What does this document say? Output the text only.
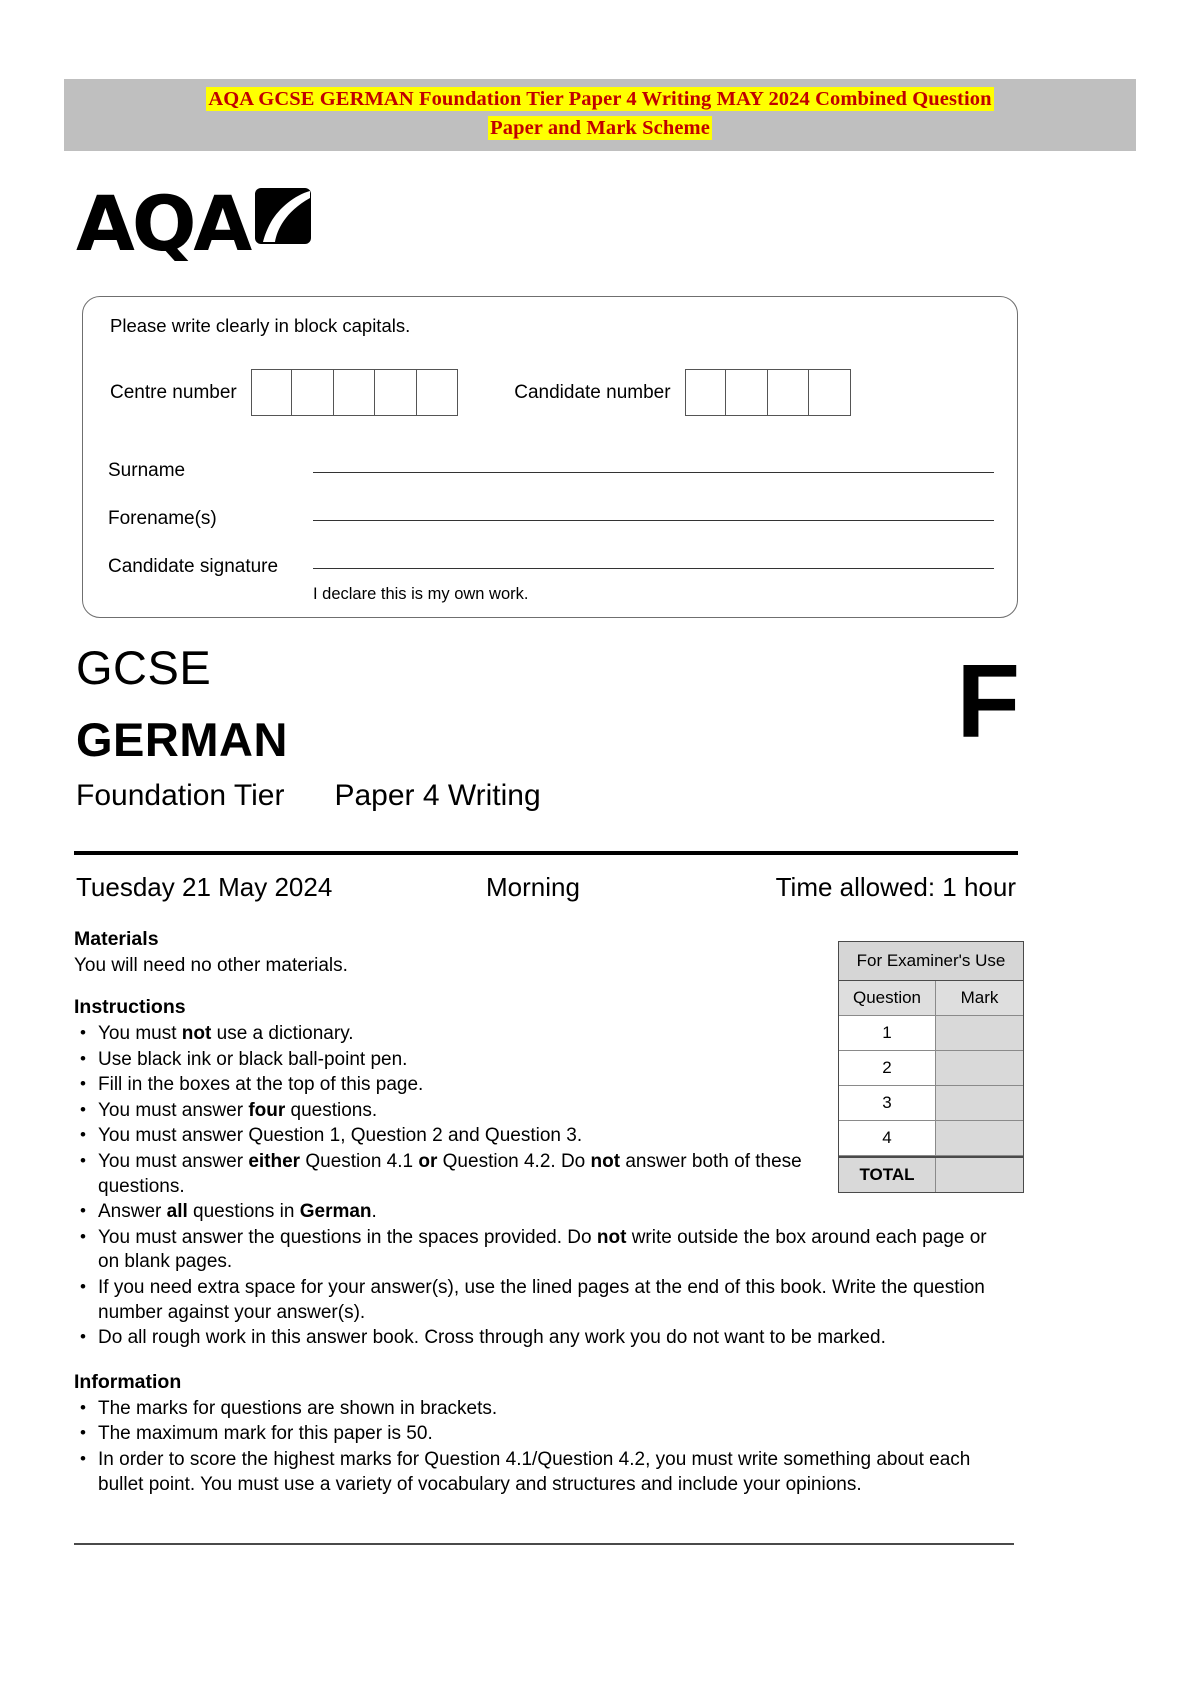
AQA GCSE GERMAN Foundation Tier Paper 4 Writing MAY 2024 Combined Question
Paper and Mark Scheme
AQA
Please write clearly in block capitals.
Centre number	Candidate number
Surname
Forename(s)
Candidate signature
I declare this is my own work.
GCSE
GERMAN
Foundation Tier Paper 4 Writing
F
Tuesday 21 May 2024	Morning	Time allowed: 1 hour
For Examiner's Use
Question	Mark
1
2
3
4
TOTAL
Materials

You will need no other materials.

Instructions
• You must not use a dictionary.
• Use black ink or black ball-point pen.
• Fill in the boxes at the top of this page.
• You must answer four questions.
• You must answer Question 1, Question 2 and Question 3.
• You must answer either Question 4.1 or Question 4.2. Do not answer both of these questions.
• Answer all questions in German.
• You must answer the questions in the spaces provided. Do not write outside the box around each page or on blank pages.
• If you need extra space for your answer(s), use the lined pages at the end of this book. Write the question number against your answer(s).
• Do all rough work in this answer book. Cross through any work you do not want to be marked.
Information
• The marks for questions are shown in brackets.
• The maximum mark for this paper is 50.
• In order to score the highest marks for Question 4.1/Question 4.2, you must write something about each bullet point. You must use a variety of vocabulary and structures and include your opinions.
